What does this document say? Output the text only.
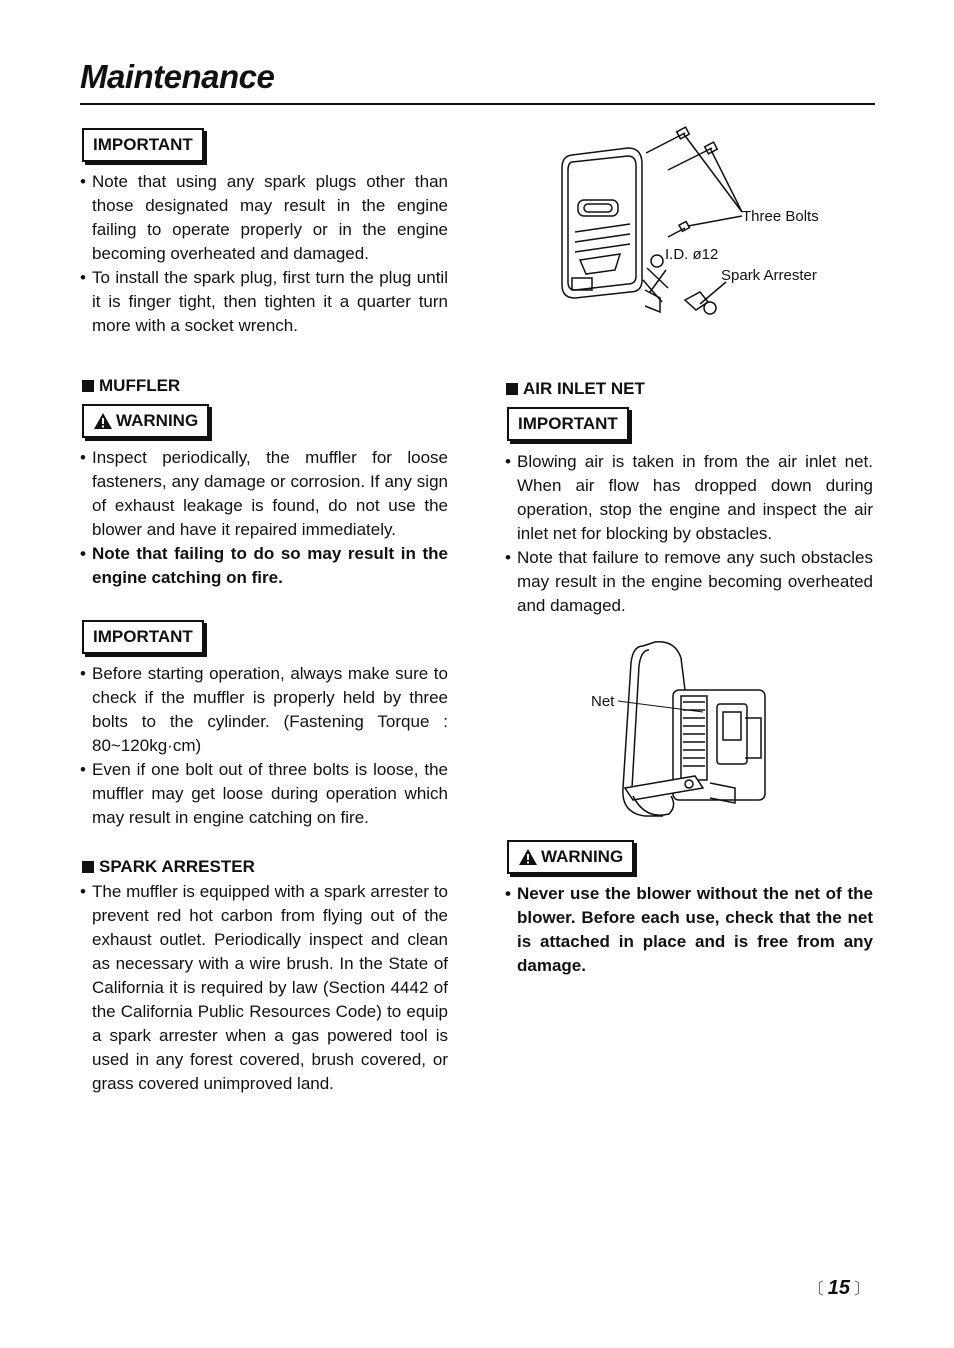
Maintenance
IMPORTANT
• Note that using any spark plugs other than those designated may result in the engine failing to operate properly or in the engine becoming overheated and damaged.
• To install the spark plug, first turn the plug until it is finger tight, then tighten it a quarter turn more with a socket wrench.
MUFFLER
WARNING
• Inspect periodically, the muffler for loose fasteners, any damage or corrosion. If any sign of exhaust leakage is found, do not use the blower and have it repaired immediately.
• Note that failing to do so may result in the engine catching on fire.
IMPORTANT
• Before starting operation, always make sure to check if the muffler is properly held by three bolts to the cylinder. (Fastening Torque : 80~120kg·cm)
• Even if one bolt out of three bolts is loose, the muffler may get loose during operation which may result in engine catching on fire.
SPARK ARRESTER
• The muffler is equipped with a spark arrester to prevent red hot carbon from flying out of the exhaust outlet. Periodically inspect and clean as necessary with a wire brush. In the State of California it is required by law (Section 4442 of the California Public Resources Code) to equip a spark arrester when a gas powered tool is used in any forest covered, brush covered, or grass covered unimproved land.
Three Bolts
I.D. ø12
Spark Arrester
AIR INLET NET
IMPORTANT
• Blowing air is taken in from the air inlet net. When air flow has dropped down during operation, stop the engine and inspect the air inlet net for blocking by obstacles.
• Note that failure to remove any such obstacles may result in the engine becoming overheated and damaged.
Net
WARNING
• Never use the blower without the net of the blower. Before each use, check that the net is attached in place and is free from any damage.
〔 15 〕
